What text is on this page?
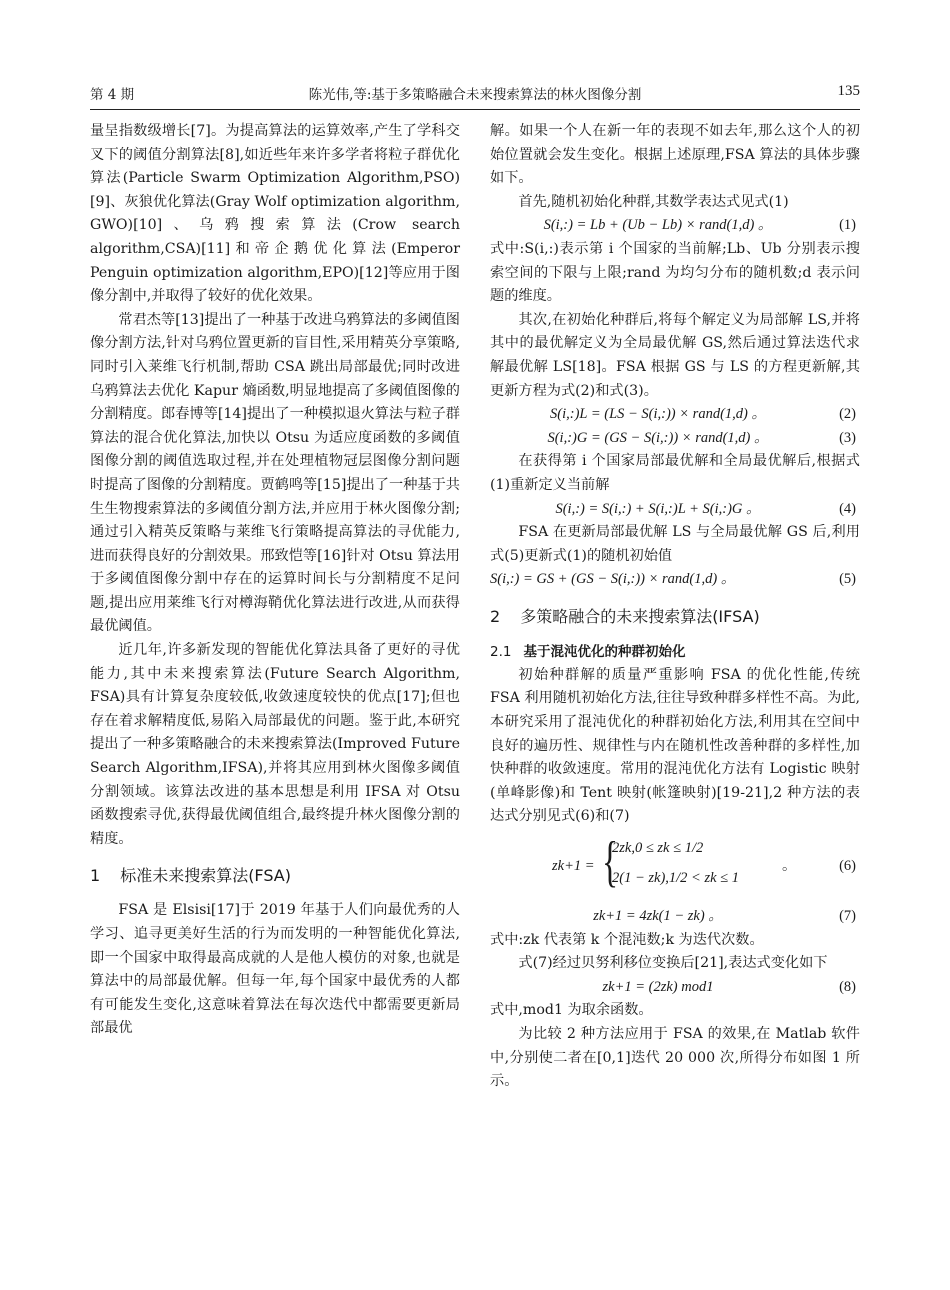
第 4 期	陈光伟,等:基于多策略融合未来搜索算法的林火图像分割	135

量呈指数级增长[7]。为提高算法的运算效率,产生了学科交叉下的阈值分割算法[8],如近些年来许多学者将粒子群优化算法(Particle Swarm Optimization Algorithm,PSO)[9]、灰狼优化算法(Gray Wolf optimization algorithm, GWO)[10]、乌鸦搜索算法(Crow search algorithm,CSA)[11]和帝企鹅优化算法(Emperor Penguin optimization algorithm,EPO)[12]等应用于图像分割中,并取得了较好的优化效果。

常君杰等[13]提出了一种基于改进乌鸦算法的多阈值图像分割方法,针对乌鸦位置更新的盲目性,采用精英分享策略,同时引入莱维飞行机制,帮助 CSA 跳出局部最优;同时改进乌鸦算法去优化 Kapur 熵函数,明显地提高了多阈值图像的分割精度。郎春博等[14]提出了一种模拟退火算法与粒子群算法的混合优化算法,加快以 Otsu 为适应度函数的多阈值图像分割的阈值选取过程,并在处理植物冠层图像分割问题时提高了图像的分割精度。贾鹤鸣等[15]提出了一种基于共生生物搜索算法的多阈值分割方法,并应用于林火图像分割;通过引入精英反策略与莱维飞行策略提高算法的寻优能力,进而获得良好的分割效果。邢致恺等[16]针对 Otsu 算法用于多阈值图像分割中存在的运算时间长与分割精度不足问题,提出应用莱维飞行对樽海鞘优化算法进行改进,从而获得最优阈值。

近几年,许多新发现的智能优化算法具备了更好的寻优能力,其中未来搜索算法(Future Search Algorithm, FSA)具有计算复杂度较低,收敛速度较快的优点[17];但也存在着求解精度低,易陷入局部最优的问题。鉴于此,本研究提出了一种多策略融合的未来搜索算法(Improved Future Search Algorithm,IFSA),并将其应用到林火图像多阈值分割领域。该算法改进的基本思想是利用 IFSA 对 Otsu 函数搜索寻优,获得最优阈值组合,最终提升林火图像分割的精度。

1 标准未来搜索算法(FSA)

FSA 是 Elsisi[17]于 2019 年基于人们向最优秀的人学习、追寻更美好生活的行为而发明的一种智能优化算法,即一个国家中取得最高成就的人是他人模仿的对象,也就是算法中的局部最优解。但每一年,每个国家中最优秀的人都有可能发生变化,这意味着算法在每次迭代中都需要更新局部最优

解。如果一个人在新一年的表现不如去年,那么这个人的初始位置就会发生变化。根据上述原理,FSA 算法的具体步骤如下。

首先,随机初始化种群,其数学表达式见式(1)

S(i,:) = Lb + (Ub − Lb) × rand(1,d) 。	(1)

式中:S(i,:)表示第 i 个国家的当前解;Lb、Ub 分别表示搜索空间的下限与上限;rand 为均匀分布的随机数;d 表示问题的维度。

其次,在初始化种群后,将每个解定义为局部解 LS,并将其中的最优解定义为全局最优解 GS,然后通过算法迭代求解最优解 LS[18]。FSA 根据 GS 与 LS 的方程更新解,其更新方程为式(2)和式(3)。

S(i,:)L = (LS − S(i,:)) × rand(1,d) 。	(2)
S(i,:)G = (GS − S(i,:)) × rand(1,d) 。	(3)

在获得第 i 个国家局部最优解和全局最优解后,根据式(1)重新定义当前解

S(i,:) = S(i,:) + S(i,:)L + S(i,:)G 。	(4)

FSA 在更新局部最优解 LS 与全局最优解 GS 后,利用式(5)更新式(1)的随机初始值

S(i,:) = GS + (GS − S(i,:)) × rand(1,d) 。	(5)
2 多策略融合的未来搜索算法(IFSA)
2.1 基于混沌优化的种群初始化

初始种群解的质量严重影响 FSA 的优化性能,传统 FSA 利用随机初始化方法,往往导致种群多样性不高。为此,本研究采用了混沌优化的种群初始化方法,利用其在空间中良好的遍历性、规律性与内在随机性改善种群的多样性,加快种群的收敛速度。常用的混沌优化方法有 Logistic 映射(单峰影像)和 Tent 映射(帐篷映射)[19-21],2 种方法的表达式分别见式(6)和(7)

zk+1 = {
2zk,0 ≤ zk ≤ 1/2
2(1 − zk),1/2 < zk ≤ 1
。	(6)
zk+1 = 4zk(1 − zk) 。	(7)

式中:zk 代表第 k 个混沌数;k 为迭代次数。

式(7)经过贝努利移位变换后[21],表达式变化如下

zk+1 = (2zk) mod1	(8)

式中,mod1 为取余函数。

为比较 2 种方法应用于 FSA 的效果,在 Matlab 软件中,分别使二者在[0,1]迭代 20 000 次,所得分布如图 1 所示。
